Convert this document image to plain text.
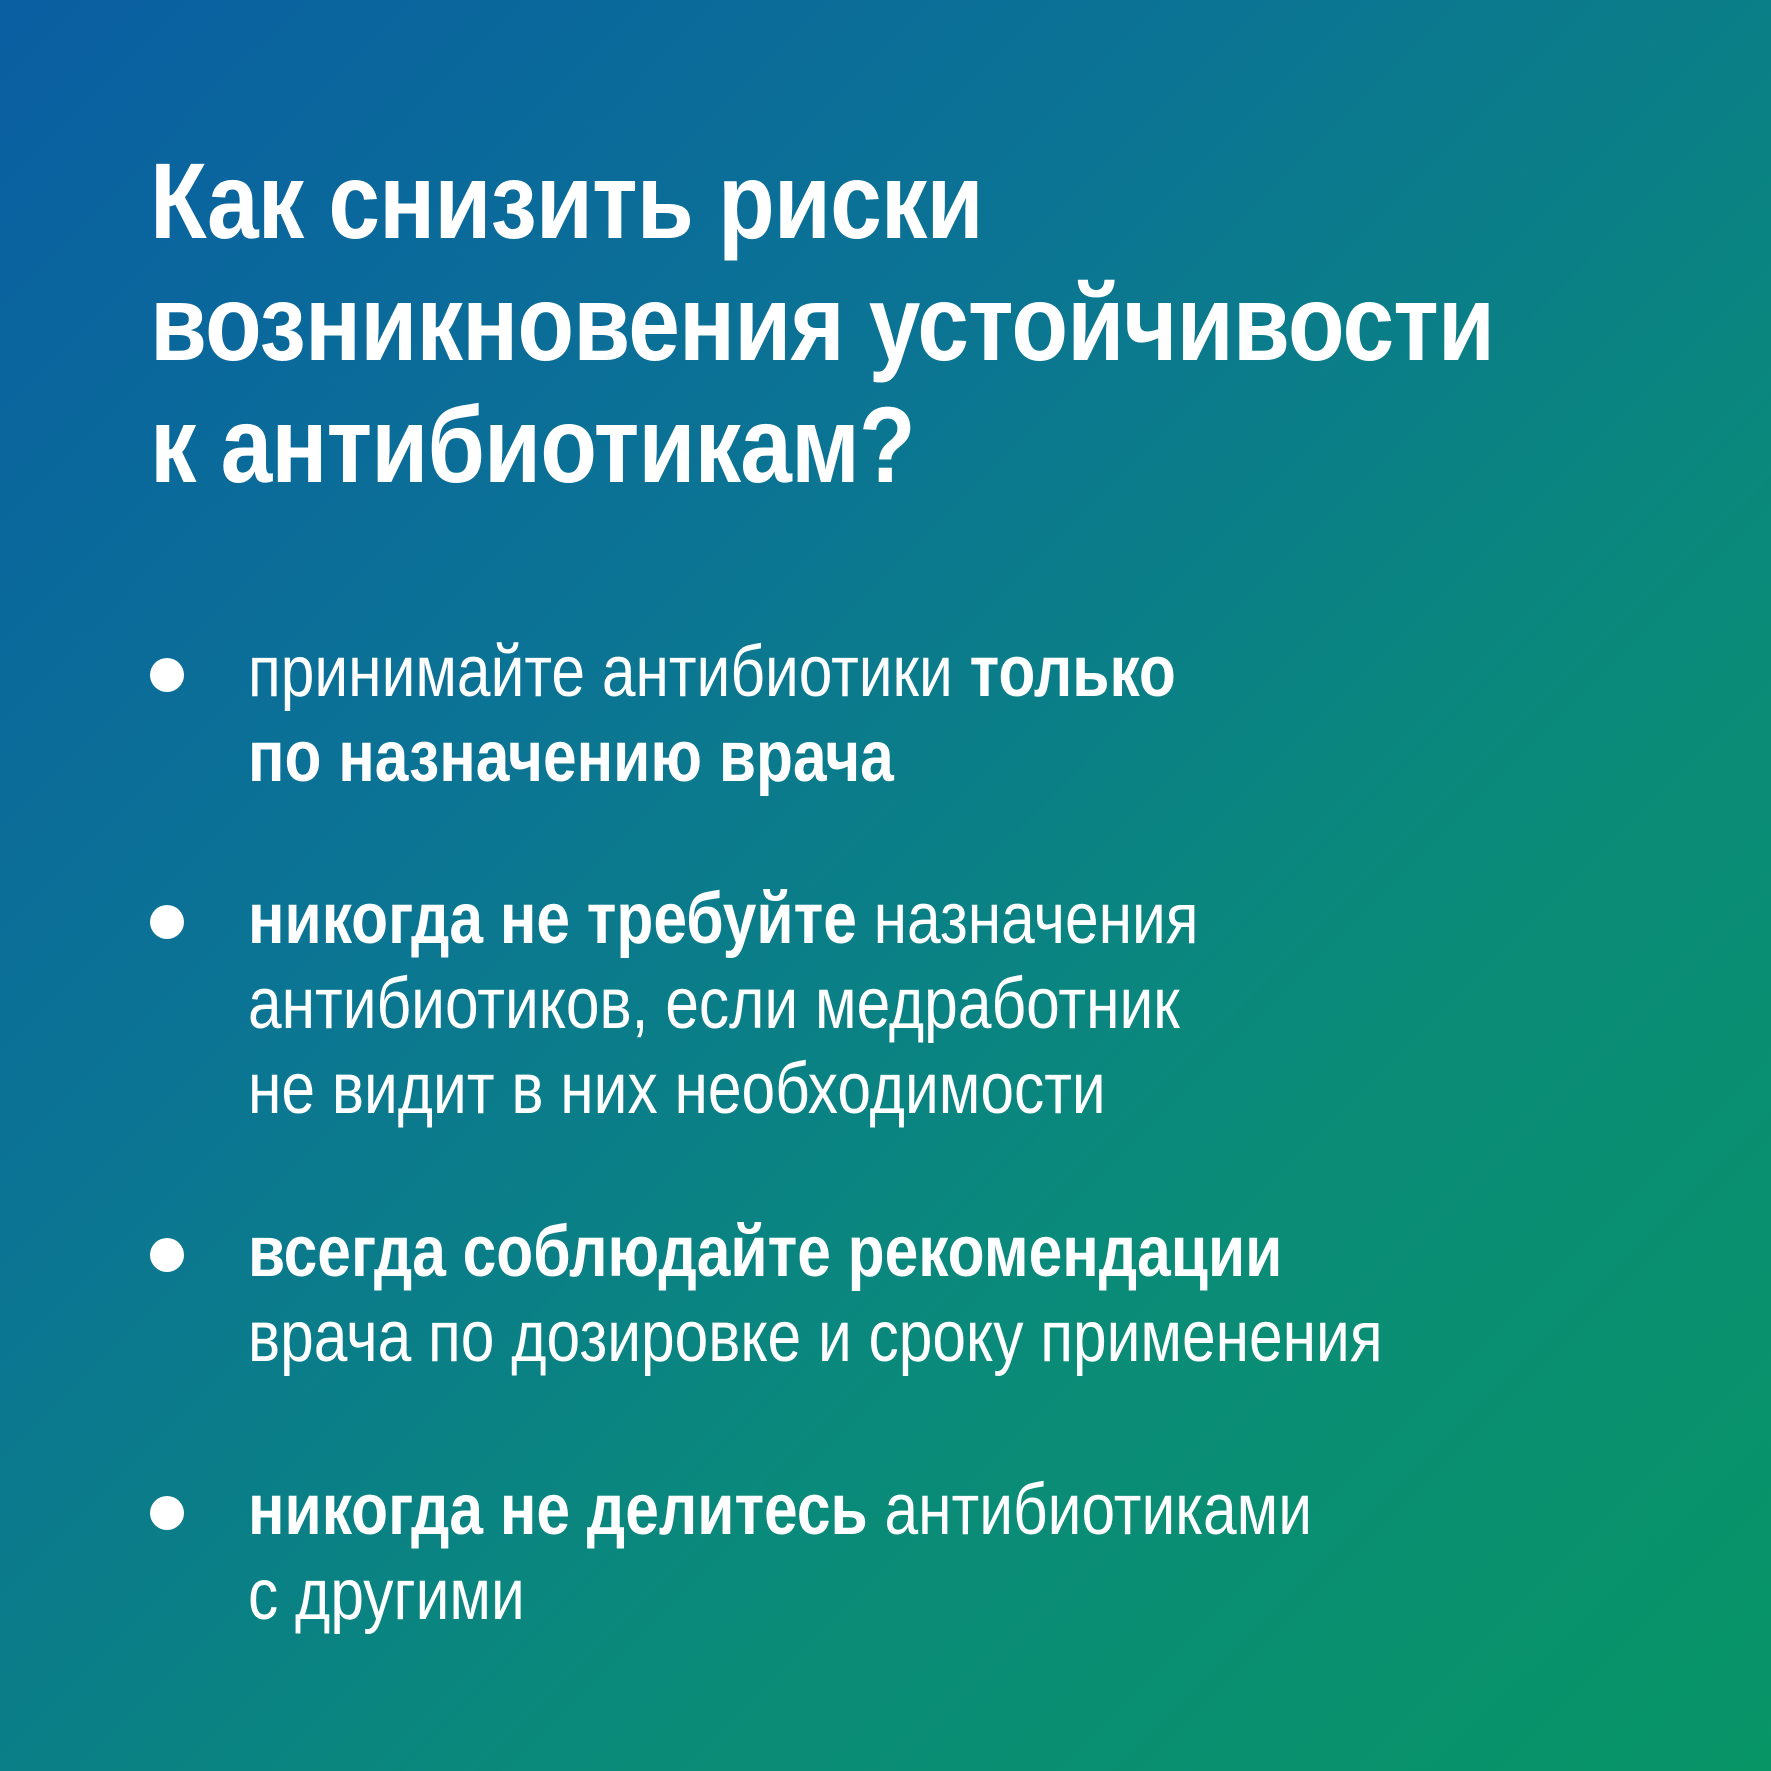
Как снизить риски
возникновения устойчивости
к антибиотикам?
принимайте антибиотики только
по назначению врача
никогда не требуйте назначения
антибиотиков, если медработник
не видит в них необходимости
всегда соблюдайте рекомендации
врача по дозировке и сроку применения
никогда не делитесь антибиотиками
с другими
